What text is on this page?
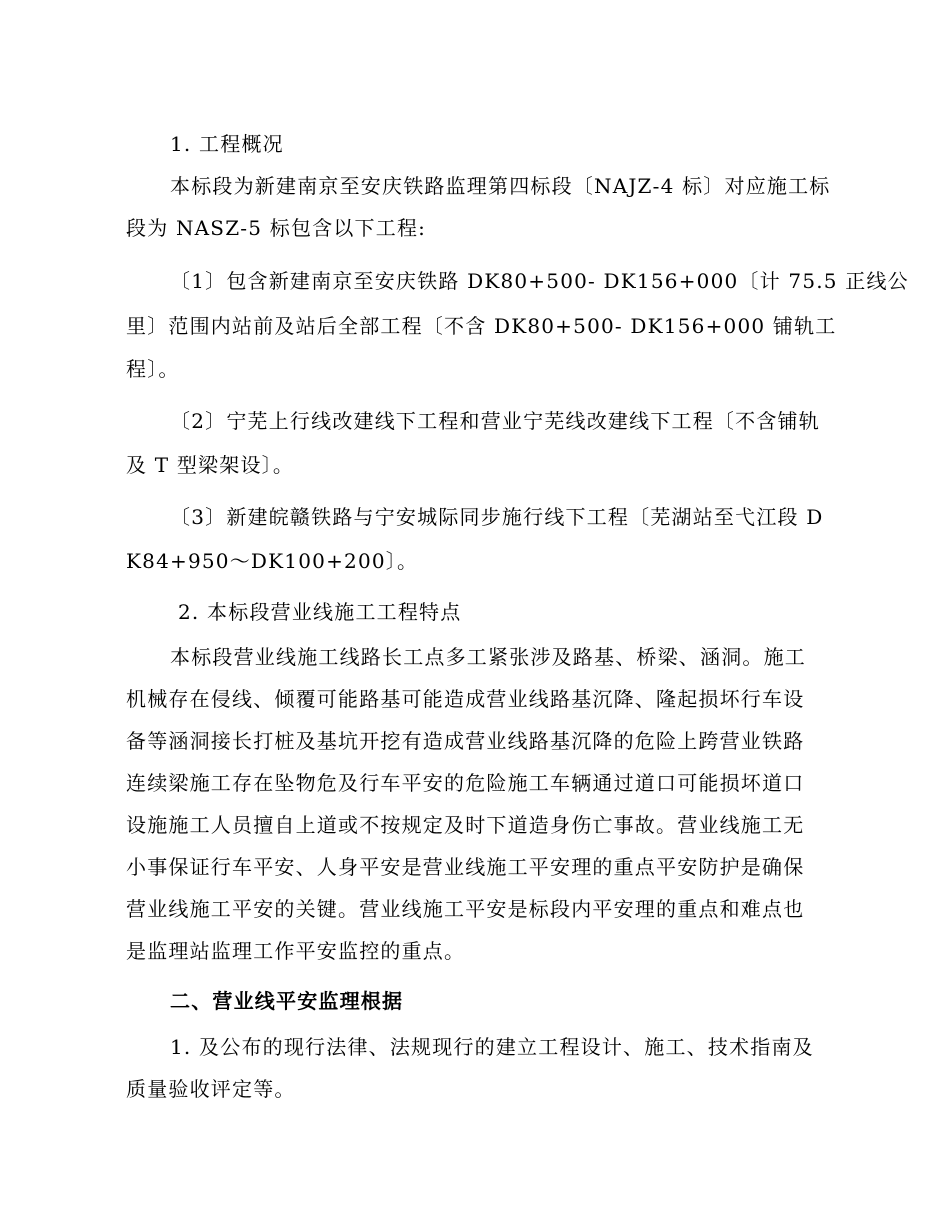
1. 工程概况
本标段为新建南京至安庆铁路监理第四标段〔NAJZ-4 标〕对应施工标
段为 NASZ-5 标包含以下工程:
〔1〕包含新建南京至安庆铁路 DK80+500- DK156+000〔计 75.5 正线公
里〕范围内站前及站后全部工程〔不含 DK80+500- DK156+000 铺轨工
程〕。
〔2〕宁芜上行线改建线下工程和营业宁芜线改建线下工程〔不含铺轨
及 T 型梁架设〕。
〔3〕新建皖赣铁路与宁安城际同步施行线下工程〔芜湖站至弋江段 D
K84+950～DK100+200〕。
2. 本标段营业线施工工程特点
本标段营业线施工线路长工点多工紧张涉及路基、桥梁、涵洞。施工
机械存在侵线、倾覆可能路基可能造成营业线路基沉降、隆起损坏行车设
备等涵洞接长打桩及基坑开挖有造成营业线路基沉降的危险上跨营业铁路
连续梁施工存在坠物危及行车平安的危险施工车辆通过道口可能损坏道口
设施施工人员擅自上道或不按规定及时下道造身伤亡事故。营业线施工无
小事保证行车平安、人身平安是营业线施工平安理的重点平安防护是确保
营业线施工平安的关键。营业线施工平安是标段内平安理的重点和难点也
是监理站监理工作平安监控的重点。
二、营业线平安监理根据
1. 及公布的现行法律、法规现行的建立工程设计、施工、技术指南及
质量验收评定等。
